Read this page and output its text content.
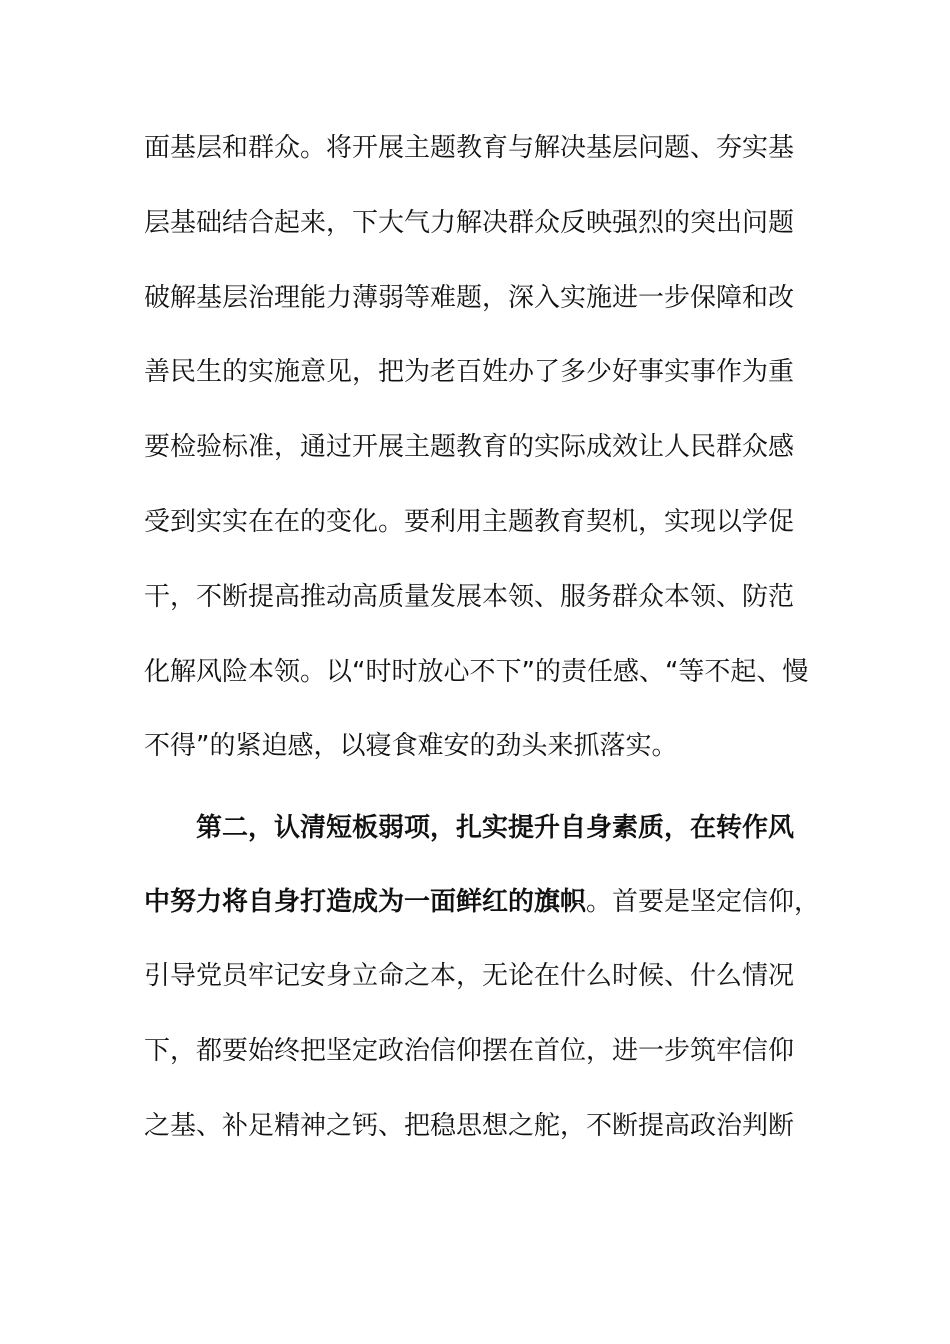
面基层和群众。将开展主题教育与解决基层问题、夯实基
层基础结合起来，下大气力解决群众反映强烈的突出问题
破解基层治理能力薄弱等难题，深入实施进一步保障和改
善民生的实施意见，把为老百姓办了多少好事实事作为重
要检验标准，通过开展主题教育的实际成效让人民群众感
受到实实在在的变化。要利用主题教育契机，实现以学促
干，不断提高推动高质量发展本领、服务群众本领、防范
化解风险本领。以“时时放心不下”的责任感、“等不起、慢
不得”的紧迫感，以寝食难安的劲头来抓落实。
第二，认清短板弱项，扎实提升自身素质，在转作风
中努力将自身打造成为一面鲜红的旗帜。首要是坚定信仰，
引导党员牢记安身立命之本，无论在什么时候、什么情况
下，都要始终把坚定政治信仰摆在首位，进一步筑牢信仰
之基、补足精神之钙、把稳思想之舵，不断提高政治判断
